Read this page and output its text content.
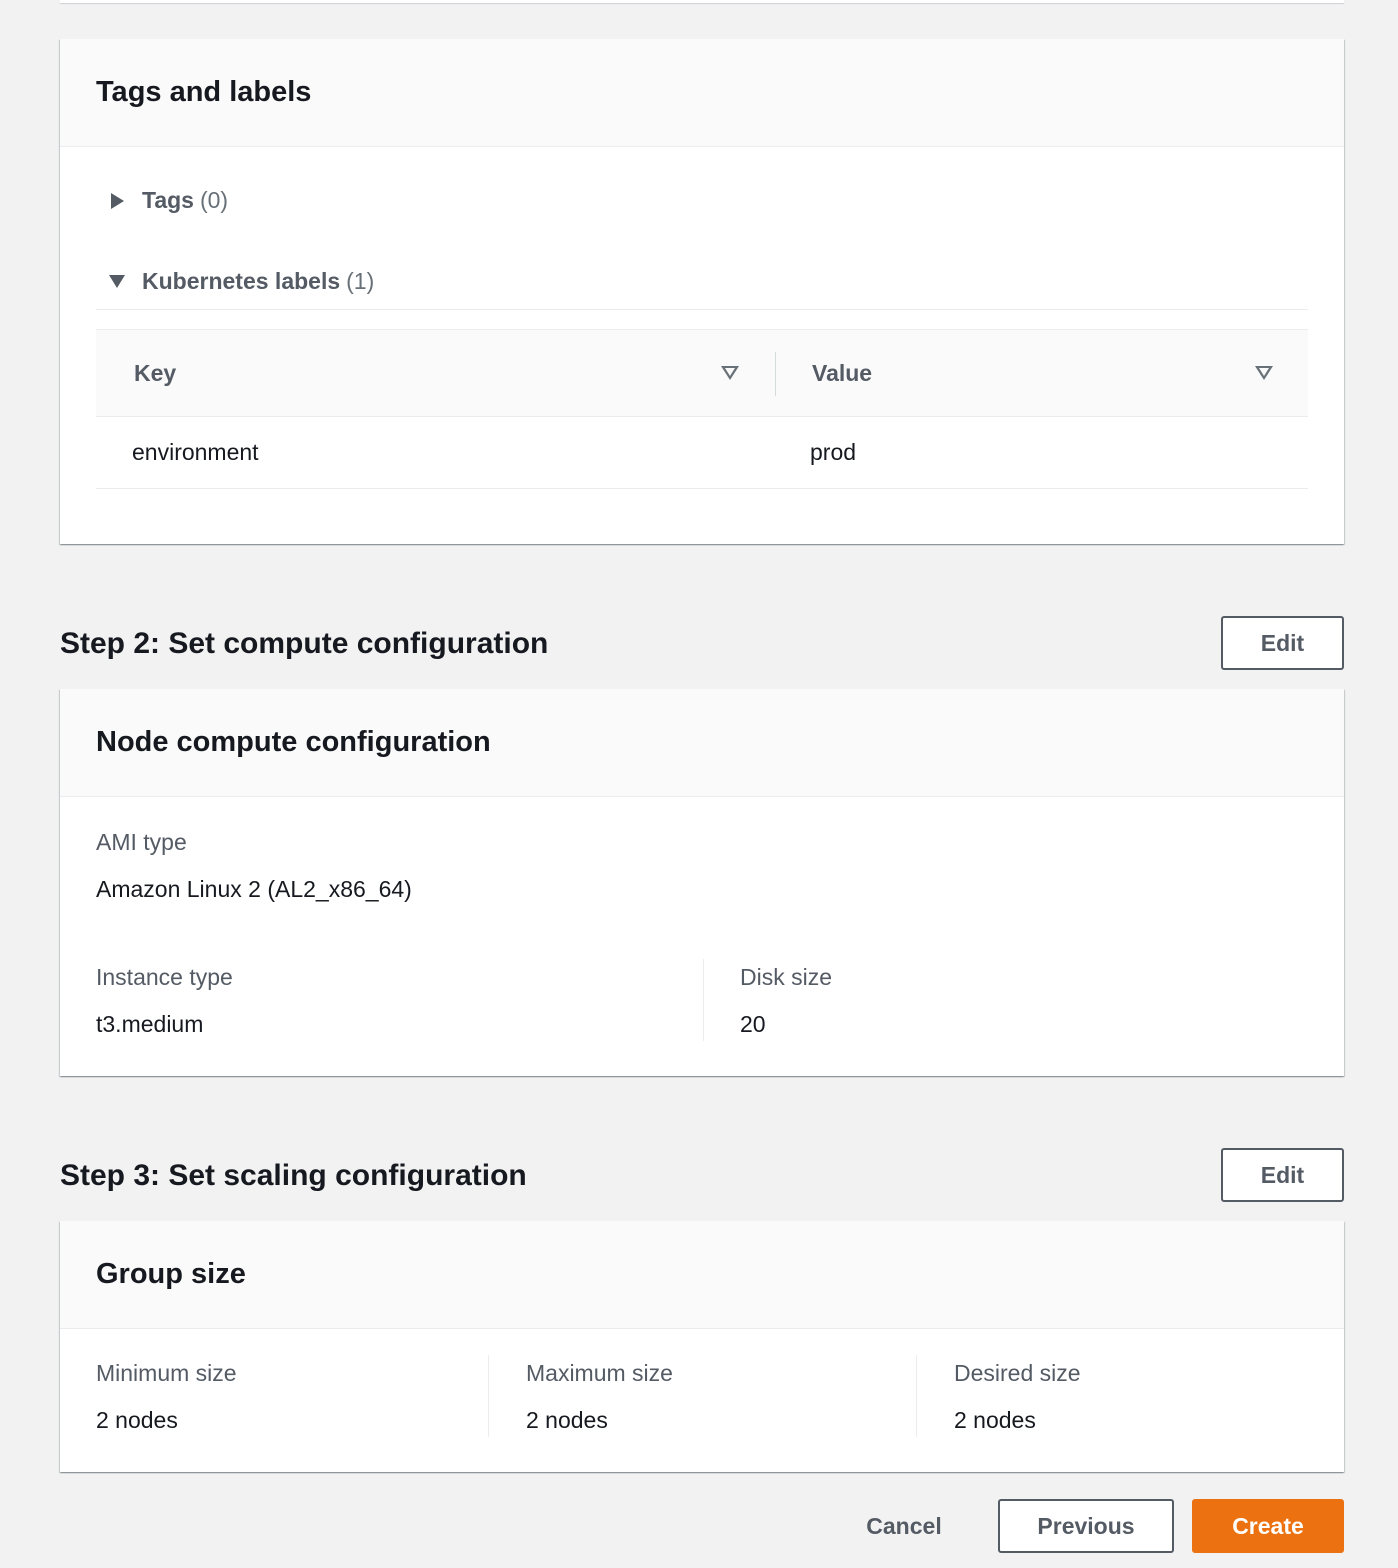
Tags and labels
Tags (0)
Kubernetes labels (1)
Key	Value
environment	prod
Step 2: Set compute configuration	Edit
Node compute configuration
AMI type
Amazon Linux 2 (AL2_x86_64)
Instance type
t3.medium
Disk size
20
Step 3: Set scaling configuration	Edit
Group size
Minimum size
2 nodes
Maximum size
2 nodes
Desired size
2 nodes
Cancel	Previous	Create
